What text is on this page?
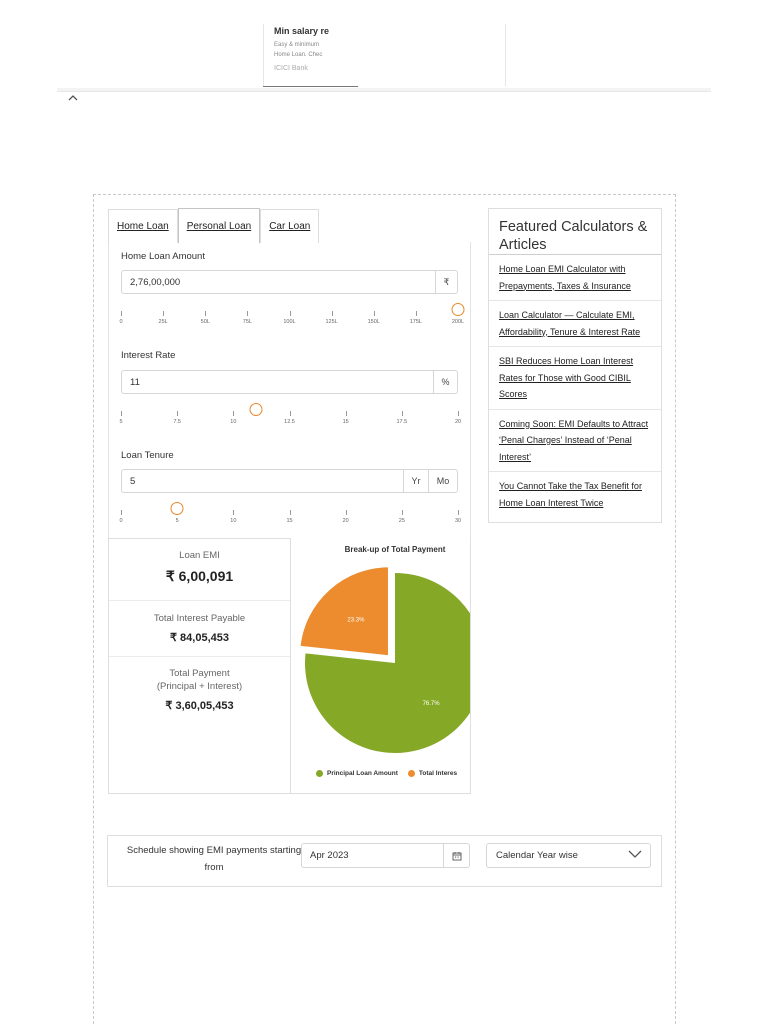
Min salary re
Easy & minimum
Home Loan. Chec
ICICI Bank
Home Loan	Personal Loan	Car Loan
Home Loan Amount
2,76,00,000	₹
0	25L	50L	75L	100L	125L	150L	175L	200L
Interest Rate
11	%
5	7.5	10	12.5	15	17.5	20
Loan Tenure
5	Yr	Mo
0	5	10	15	20	25	30
Loan EMI
₹ 6,00,091
Total Interest Payable
₹ 84,05,453
Total Payment
(Principal + Interest)
₹ 3,60,05,453
Break-up of Total Payment
23.3%
76.7%
Principal Loan Amount	Total Interes
Featured Calculators & Articles
Home Loan EMI Calculator with Prepayments, Taxes & Insurance
Loan Calculator — Calculate EMI, Affordability, Tenure & Interest Rate
SBI Reduces Home Loan Interest Rates for Those with Good CIBIL Scores
Coming Soon: EMI Defaults to Attract ‘Penal Charges’ Instead of ‘Penal Interest’
You Cannot Take the Tax Benefit for Home Loan Interest Twice
Schedule showing EMI payments starting from
Apr 2023	Calendar Year wise
